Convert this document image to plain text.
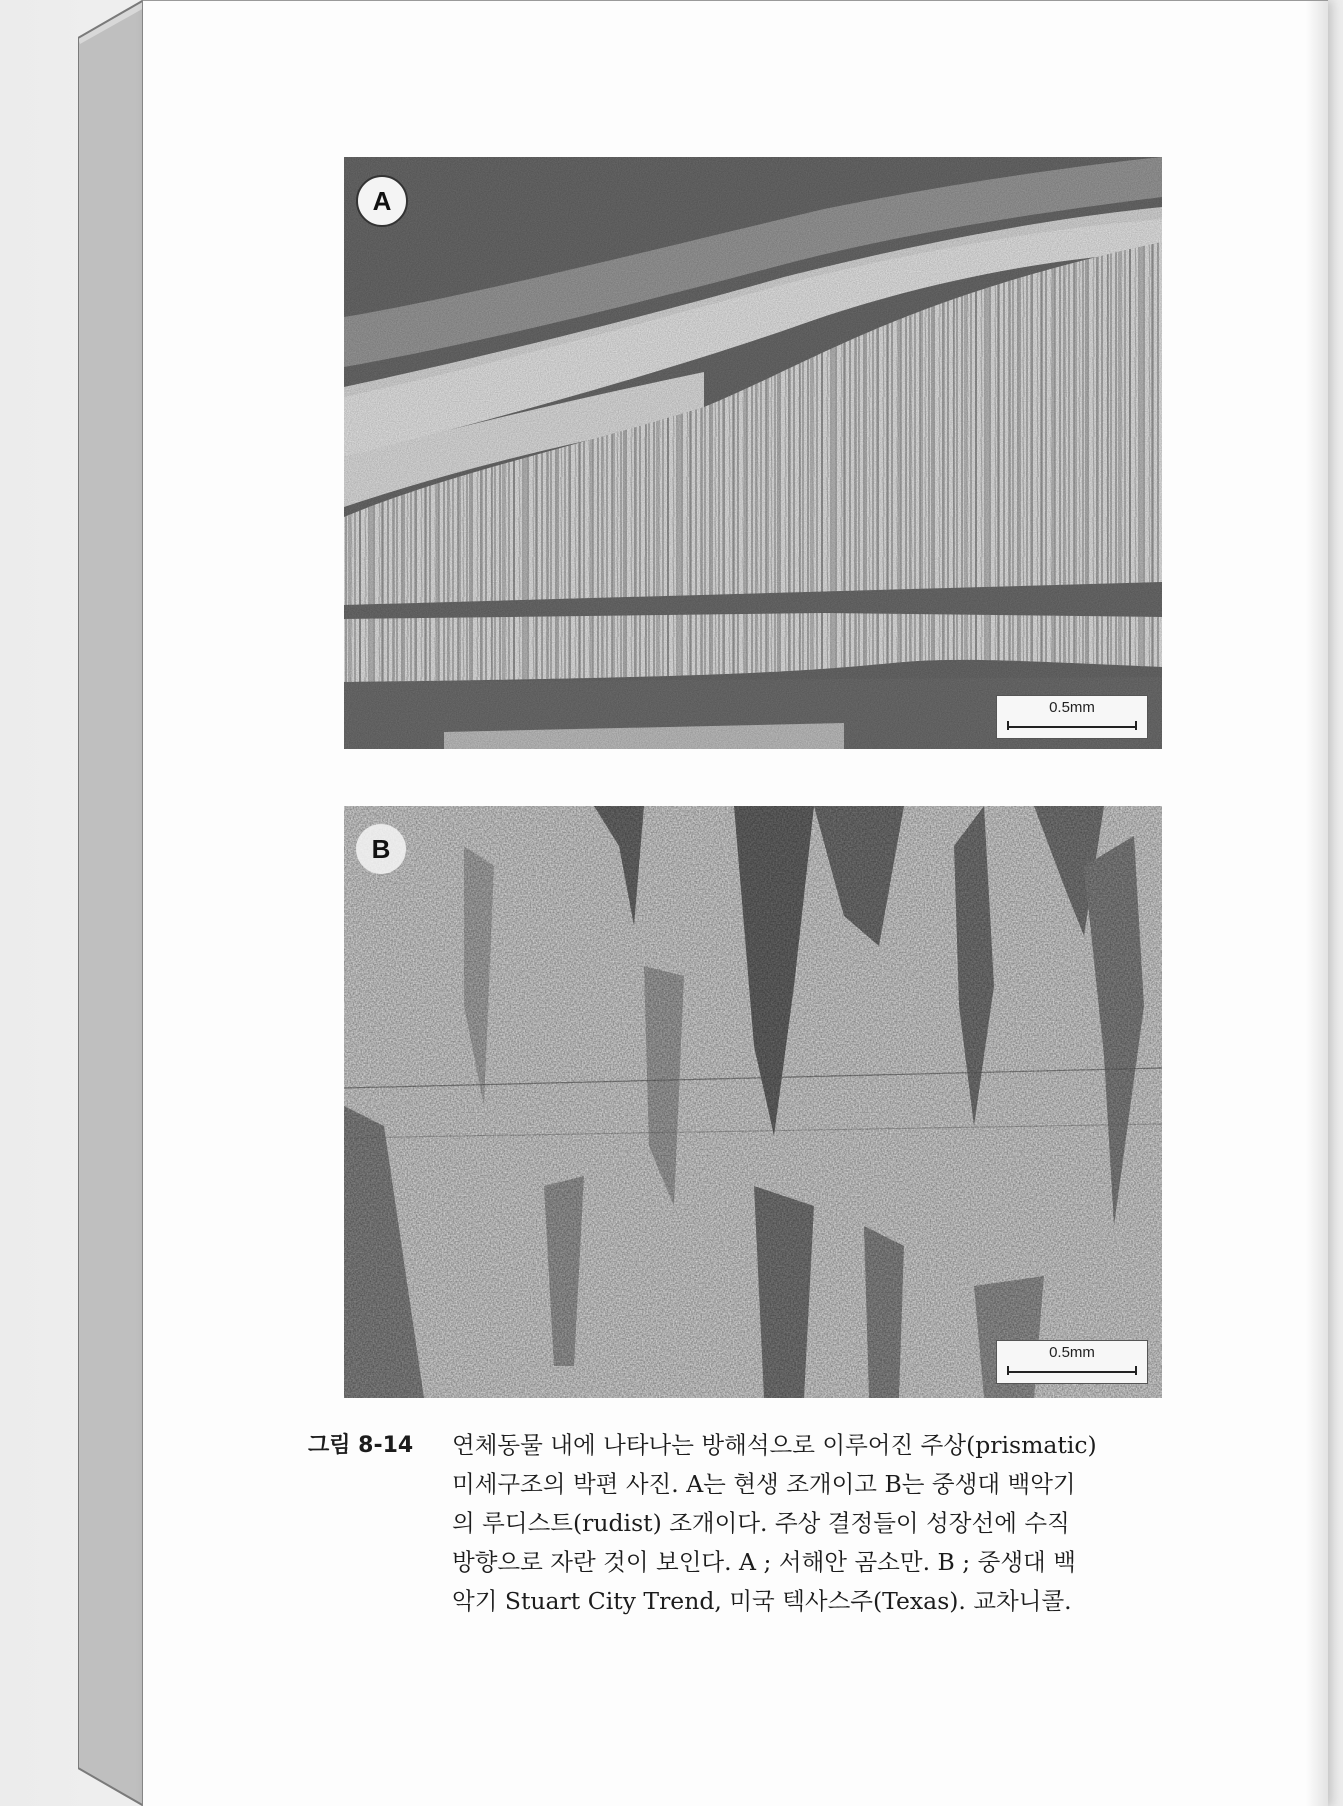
A
0.5mm
B
0.5mm
그림 8-14 연체동물 내에 나타나는 방해석으로 이루어진 주상(prismatic)
미세구조의 박편 사진. A는 현생 조개이고 B는 중생대 백악기
의 루디스트(rudist) 조개이다. 주상 결정들이 성장선에 수직
방향으로 자란 것이 보인다. A ; 서해안 곰소만. B ; 중생대 백
악기 Stuart City Trend, 미국 텍사스주(Texas). 교차니콜.
